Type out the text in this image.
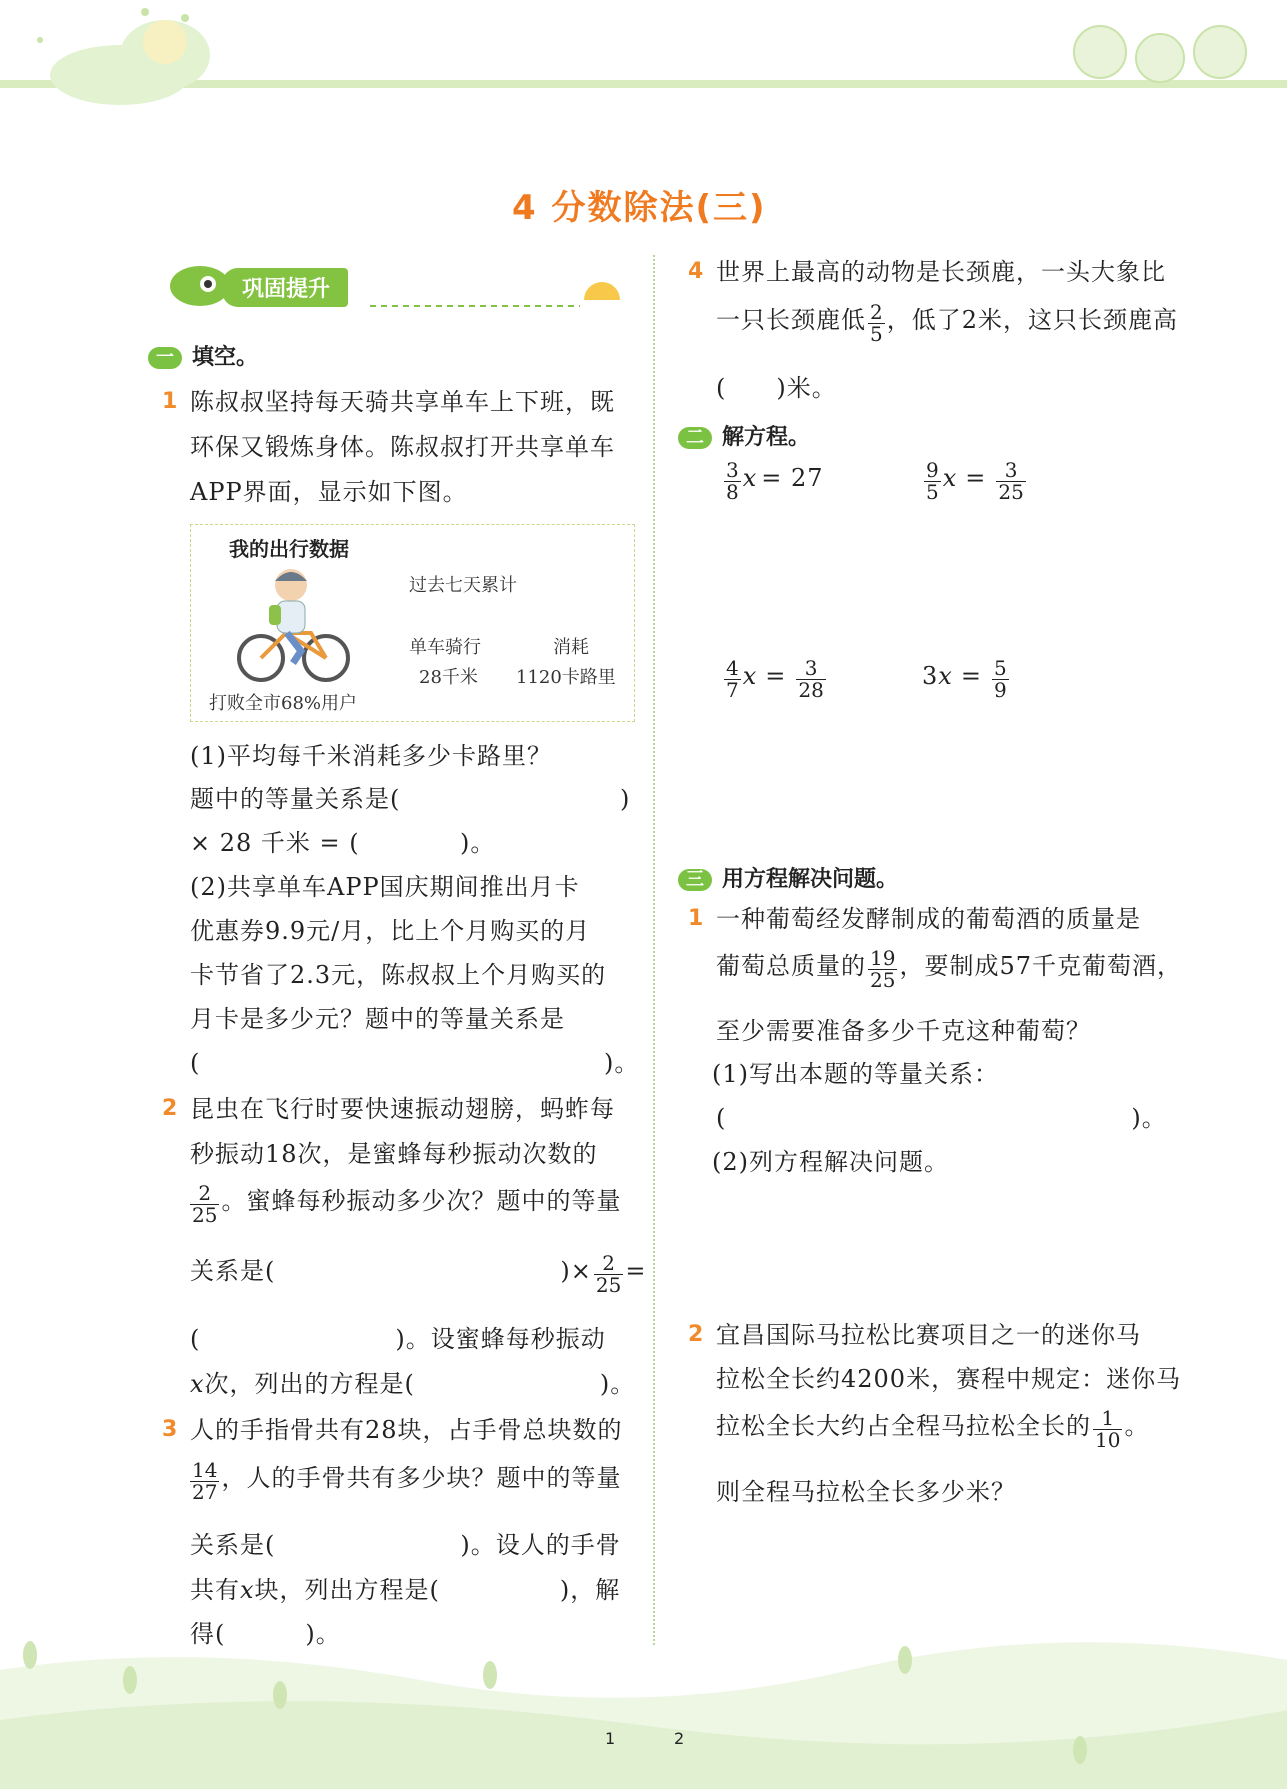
4 分数除法(三)
巩固提升
一 填空。
1 陈叔叔坚持每天骑共享单车上下班，既
环保又锻炼身体。陈叔叔打开共享单车
APP界面，显示如下图。
我的出行数据
过去七天累计
单车骑行
28千米
消耗
1120卡路里
打败全市68%用户
(1)平均每千米消耗多少卡路里？
题中的等量关系是(	)
× 28 千米 = (	)。
(2)共享单车APP国庆期间推出月卡
优惠券9.9元/月，比上个月购买的月
卡节省了2.3元，陈叔叔上个月购买的
月卡是多少元？题中的等量关系是
(	)。
2 昆虫在飞行时要快速振动翅膀，蚂蚱每
秒振动18次，是蜜蜂每秒振动次数的
$\frac{2}{25}$ 。蜜蜂每秒振动多少次？题中的等量
关系是(	)× $\frac{2}{25}$ =
(	)。设蜜蜂每秒振动
x次，列出的方程是(	)。
3 人的手指骨共有28块，占手骨总块数的
$\frac{14}{27}$ ，人的手骨共有多少块？题中的等量
关系是(	)。设人的手骨
共有x块，列出方程是(	)，解
得(	)。
4 世界上最高的动物是长颈鹿，一头大象比
一只长颈鹿低 $\frac{2}{5}$ ，低了2米，这只长颈鹿高
( )米。
二 解方程。
$\frac{3}{8}$ x = 27	$\frac{9}{5}$ $x = \frac{3}{25}$
$\frac{4}{7}$ $x = \frac{3}{28}$	$3x = \frac{5}{9}$
三 用方程解决问题。
1 一种葡萄经发酵制成的葡萄酒的质量是
葡萄总质量的 $\frac{19}{25}$ ，要制成57千克葡萄酒，
至少需要准备多少千克这种葡萄？
(1)写出本题的等量关系：
(	)。
(2)列方程解决问题。
2 宜昌国际马拉松比赛项目之一的迷你马
拉松全长约4200米，赛程中规定：迷你马
拉松全长大约占全程马拉松全长的 $\frac{1}{10}$ 。
则全程马拉松全长多少米？
1	2
